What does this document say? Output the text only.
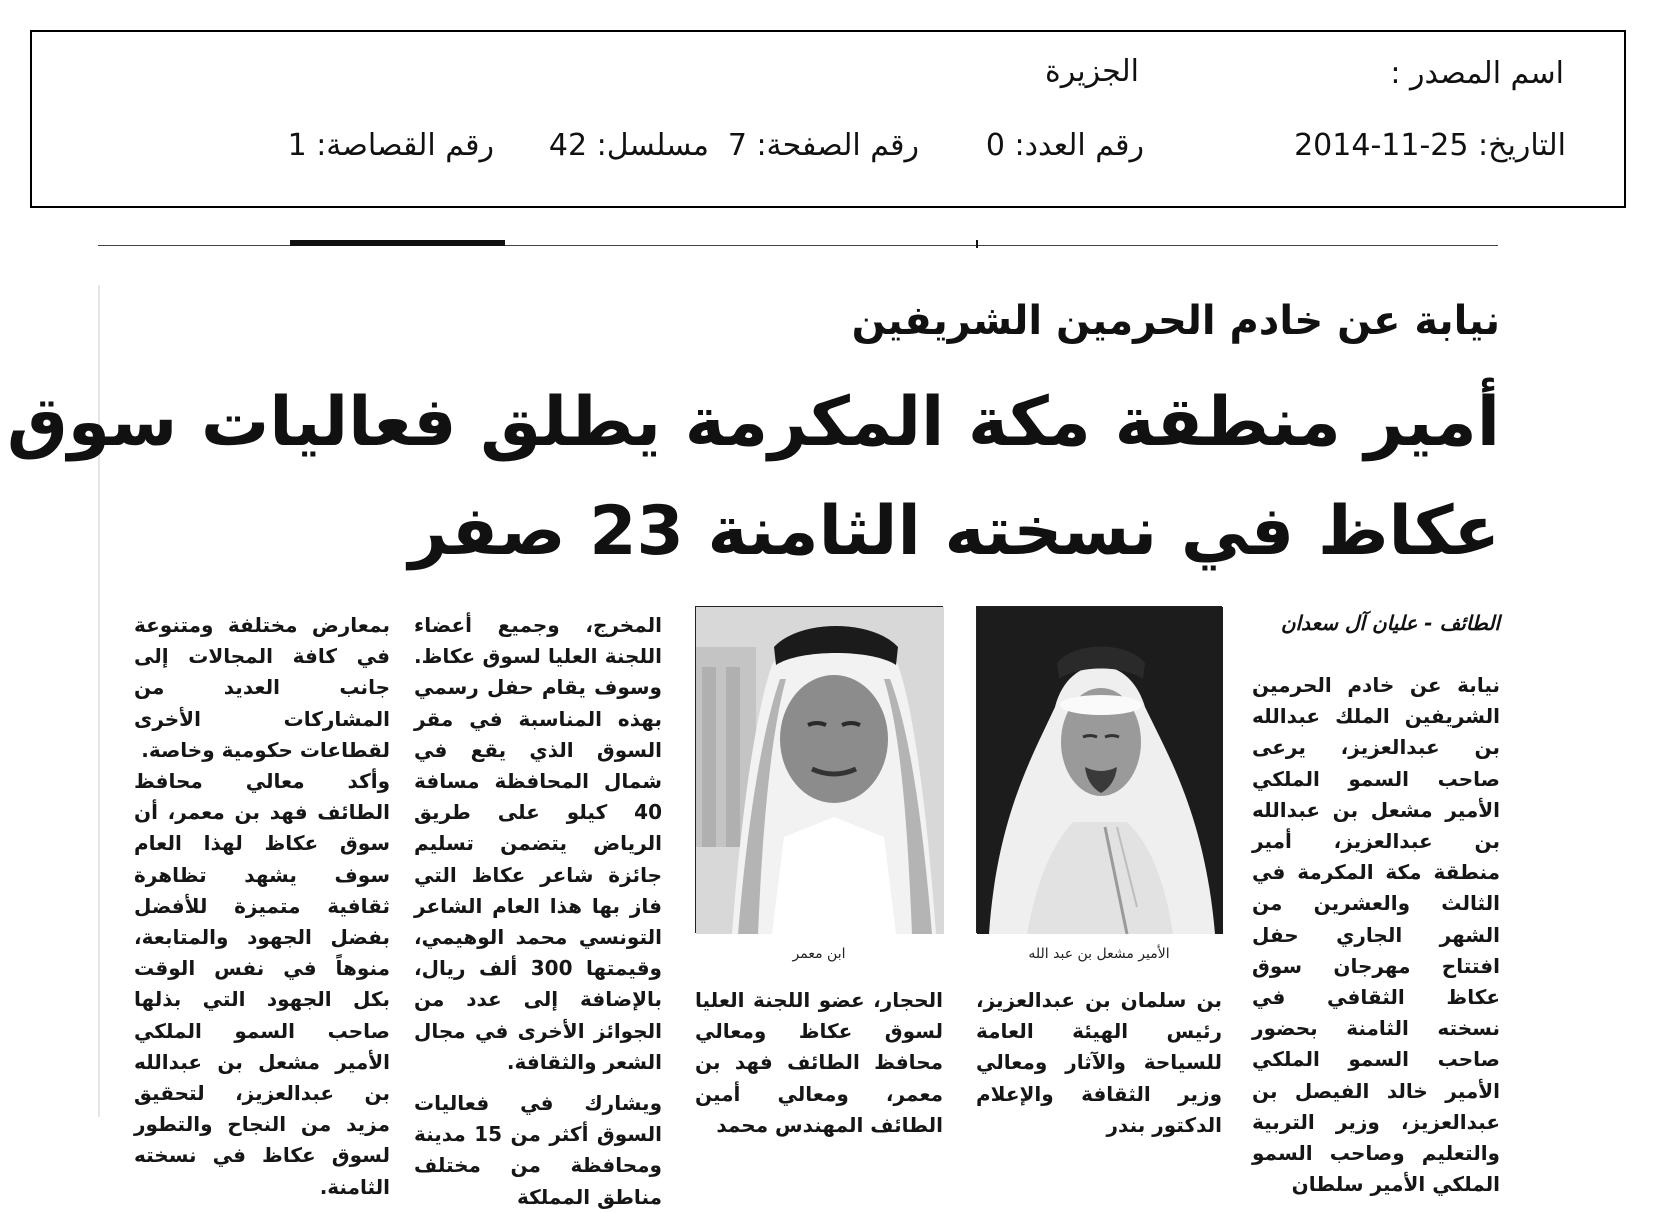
اسم المصدر :
الجزيرة
التاريخ: 25-11-2014
رقم العدد: 0
رقم الصفحة: 7
مسلسل: 42
رقم القصاصة: 1
نيابة عن خادم الحرمين الشريفين
أمير منطقة مكة المكرمة يطلق فعاليات سوق
عكاظ في نسخته الثامنة 23 صفر
الطائف - عليان آل سعدان

نيابة عن خادم الحرمين الشريفين الملك عبدالله بن عبدالعزيز، يرعى صاحب السمو الملكي الأمير مشعل بن عبدالله بن عبدالعزيز، أمير منطقة مكة المكرمة في الثالث والعشرين من الشهر الجاري حفل افتتاح مهرجان سوق عكاظ الثقافي في نسخته الثامنة بحضور صاحب السمو الملكي الأمير خالد الفيصل بن عبدالعزيز، وزير التربية والتعليم وصاحب السمو الملكي الأمير سلطان

الأمير مشعل بن عبد الله
ابن معمر

بن سلمان بن عبدالعزيز، رئيس الهيئة العامة للسياحة والآثار ومعالي وزير الثقافة والإعلام الدكتور بندر

الحجار، عضو اللجنة العليا لسوق عكاظ ومعالي محافظ الطائف فهد بن معمر، ومعالي أمين الطائف المهندس محمد

المخرج، وجميع أعضاء اللجنة العليا لسوق عكاظ. وسوف يقام حفل رسمي بهذه المناسبة في مقر السوق الذي يقع في شمال المحافظة مسافة 40 كيلو على طريق الرياض يتضمن تسليم جائزة شاعر عكاظ التي فاز بها هذا العام الشاعر التونسي محمد الوهيمي، وقيمتها 300 ألف ريال، بالإضافة إلى عدد من الجوائز الأخرى في مجال الشعر والثقافة.

ويشارك في فعاليات السوق أكثر من 15 مدينة ومحافظة من مختلف مناطق المملكة

بمعارض مختلفة ومتنوعة في كافة المجالات إلى جانب العديد من المشاركات الأخرى لقطاعات حكومية وخاصة.

وأكد معالي محافظ الطائف فهد بن معمر، أن سوق عكاظ لهذا العام سوف يشهد تظاهرة ثقافية متميزة للأفضل بفضل الجهود والمتابعة، منوهاً في نفس الوقت بكل الجهود التي بذلها صاحب السمو الملكي الأمير مشعل بن عبدالله بن عبدالعزيز، لتحقيق مزيد من النجاح والتطور لسوق عكاظ في نسخته الثامنة.
